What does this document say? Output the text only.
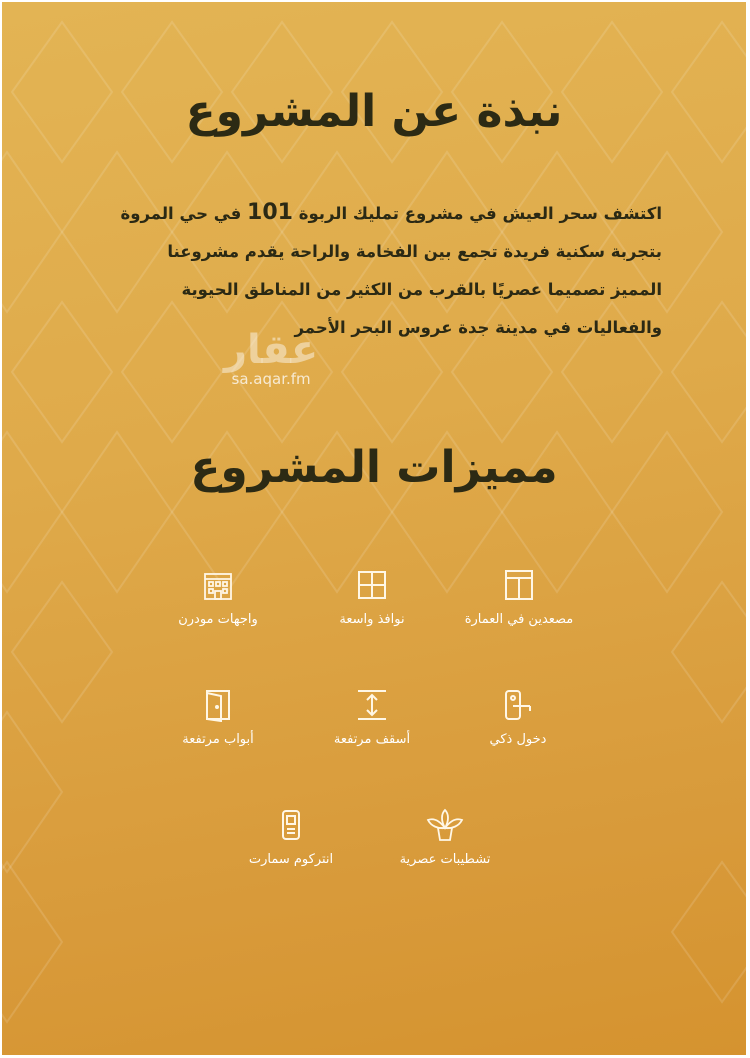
نبذة عن المشروع
اكتشف سحر العيش في مشروع تمليك الربوة 101 في حي المروة
بتجربة سكنية فريدة تجمع بين الفخامة والراحة يقدم مشروعنا
المميز تصميما عصريًا بالقرب من الكثير من المناطق الحيوية
والفعاليات في مدينة جدة عروس البحر الأحمر
عقار
sa.aqar.fm
مميزات المشروع
مصعدين في العمارة
نوافذ واسعة
واجهات مودرن
دخول ذكي
أسقف مرتفعة
أبواب مرتفعة
تشطيبات عصرية
انتركوم سمارت
